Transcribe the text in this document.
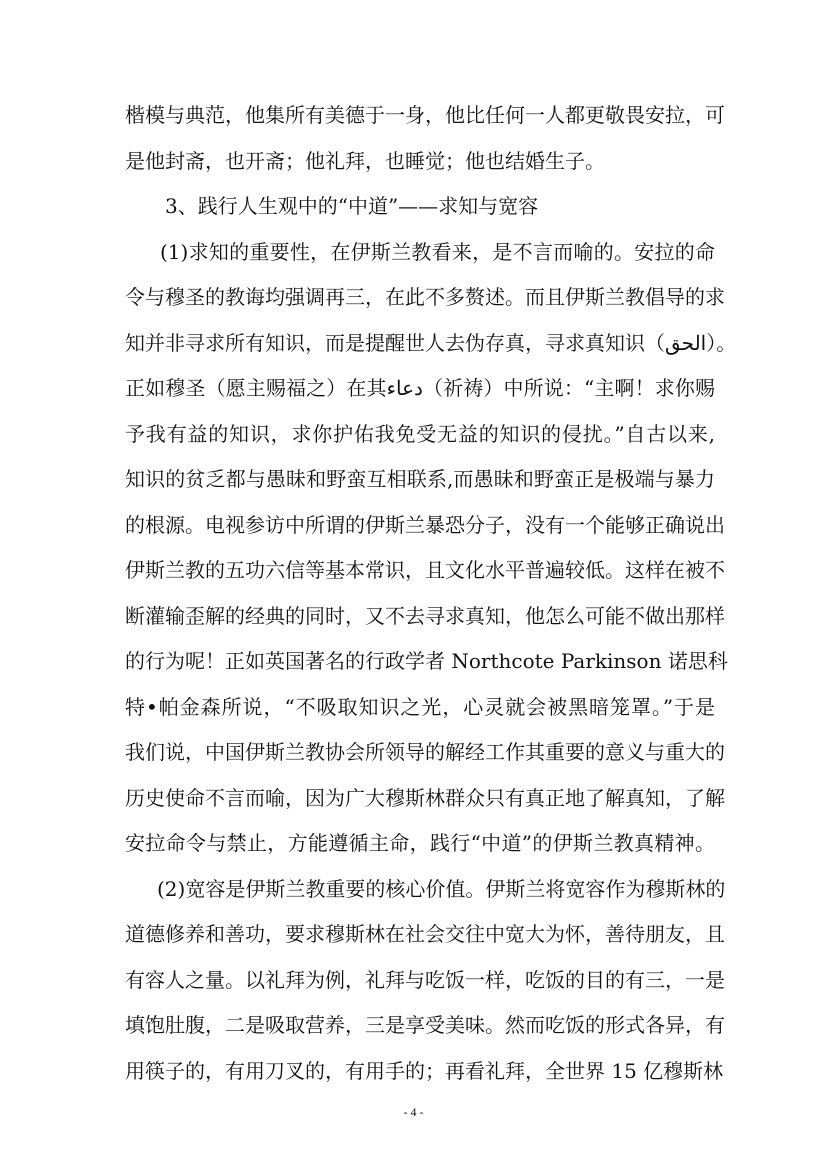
楷模与典范，他集所有美德于一身，他比任何一人都更敬畏安拉，可
是他封斋，也开斋；他礼拜，也睡觉；他也结婚生子。
3、践行人生观中的“中道”——求知与宽容
(1)求知的重要性，在伊斯兰教看来，是不言而喻的。安拉的命
令与穆圣的教诲均强调再三，在此不多赘述。而且伊斯兰教倡导的求
知并非寻求所有知识，而是提醒世人去伪存真，寻求真知识（الحق）。
正如穆圣（愿主赐福之）在其دعاء（祈祷）中所说：“主啊！求你赐
予我有益的知识，求你护佑我免受无益的知识的侵扰。”自古以来,
知识的贫乏都与愚昧和野蛮互相联系,而愚昧和野蛮正是极端与暴力
的根源。电视参访中所谓的伊斯兰暴恐分子，没有一个能够正确说出
伊斯兰教的五功六信等基本常识，且文化水平普遍较低。这样在被不
断灌输歪解的经典的同时，又不去寻求真知，他怎么可能不做出那样
的行为呢！正如英国著名的行政学者 Northcote Parkinson 诺思科
特•帕金森所说，“不吸取知识之光，心灵就会被黑暗笼罩。”于是
我们说，中国伊斯兰教协会所领导的解经工作其重要的意义与重大的
历史使命不言而喻，因为广大穆斯林群众只有真正地了解真知，了解
安拉命令与禁止，方能遵循主命，践行“中道”的伊斯兰教真精神。
(2)宽容是伊斯兰教重要的核心价值。伊斯兰将宽容作为穆斯林的
道德修养和善功，要求穆斯林在社会交往中宽大为怀，善待朋友，且
有容人之量。以礼拜为例，礼拜与吃饭一样，吃饭的目的有三，一是
- 4 -
填饱肚腹，二是吸取营养，三是享受美味。然而吃饭的形式各异，有
用筷子的，有用刀叉的，有用手的；再看礼拜，全世界 15 亿穆斯林
